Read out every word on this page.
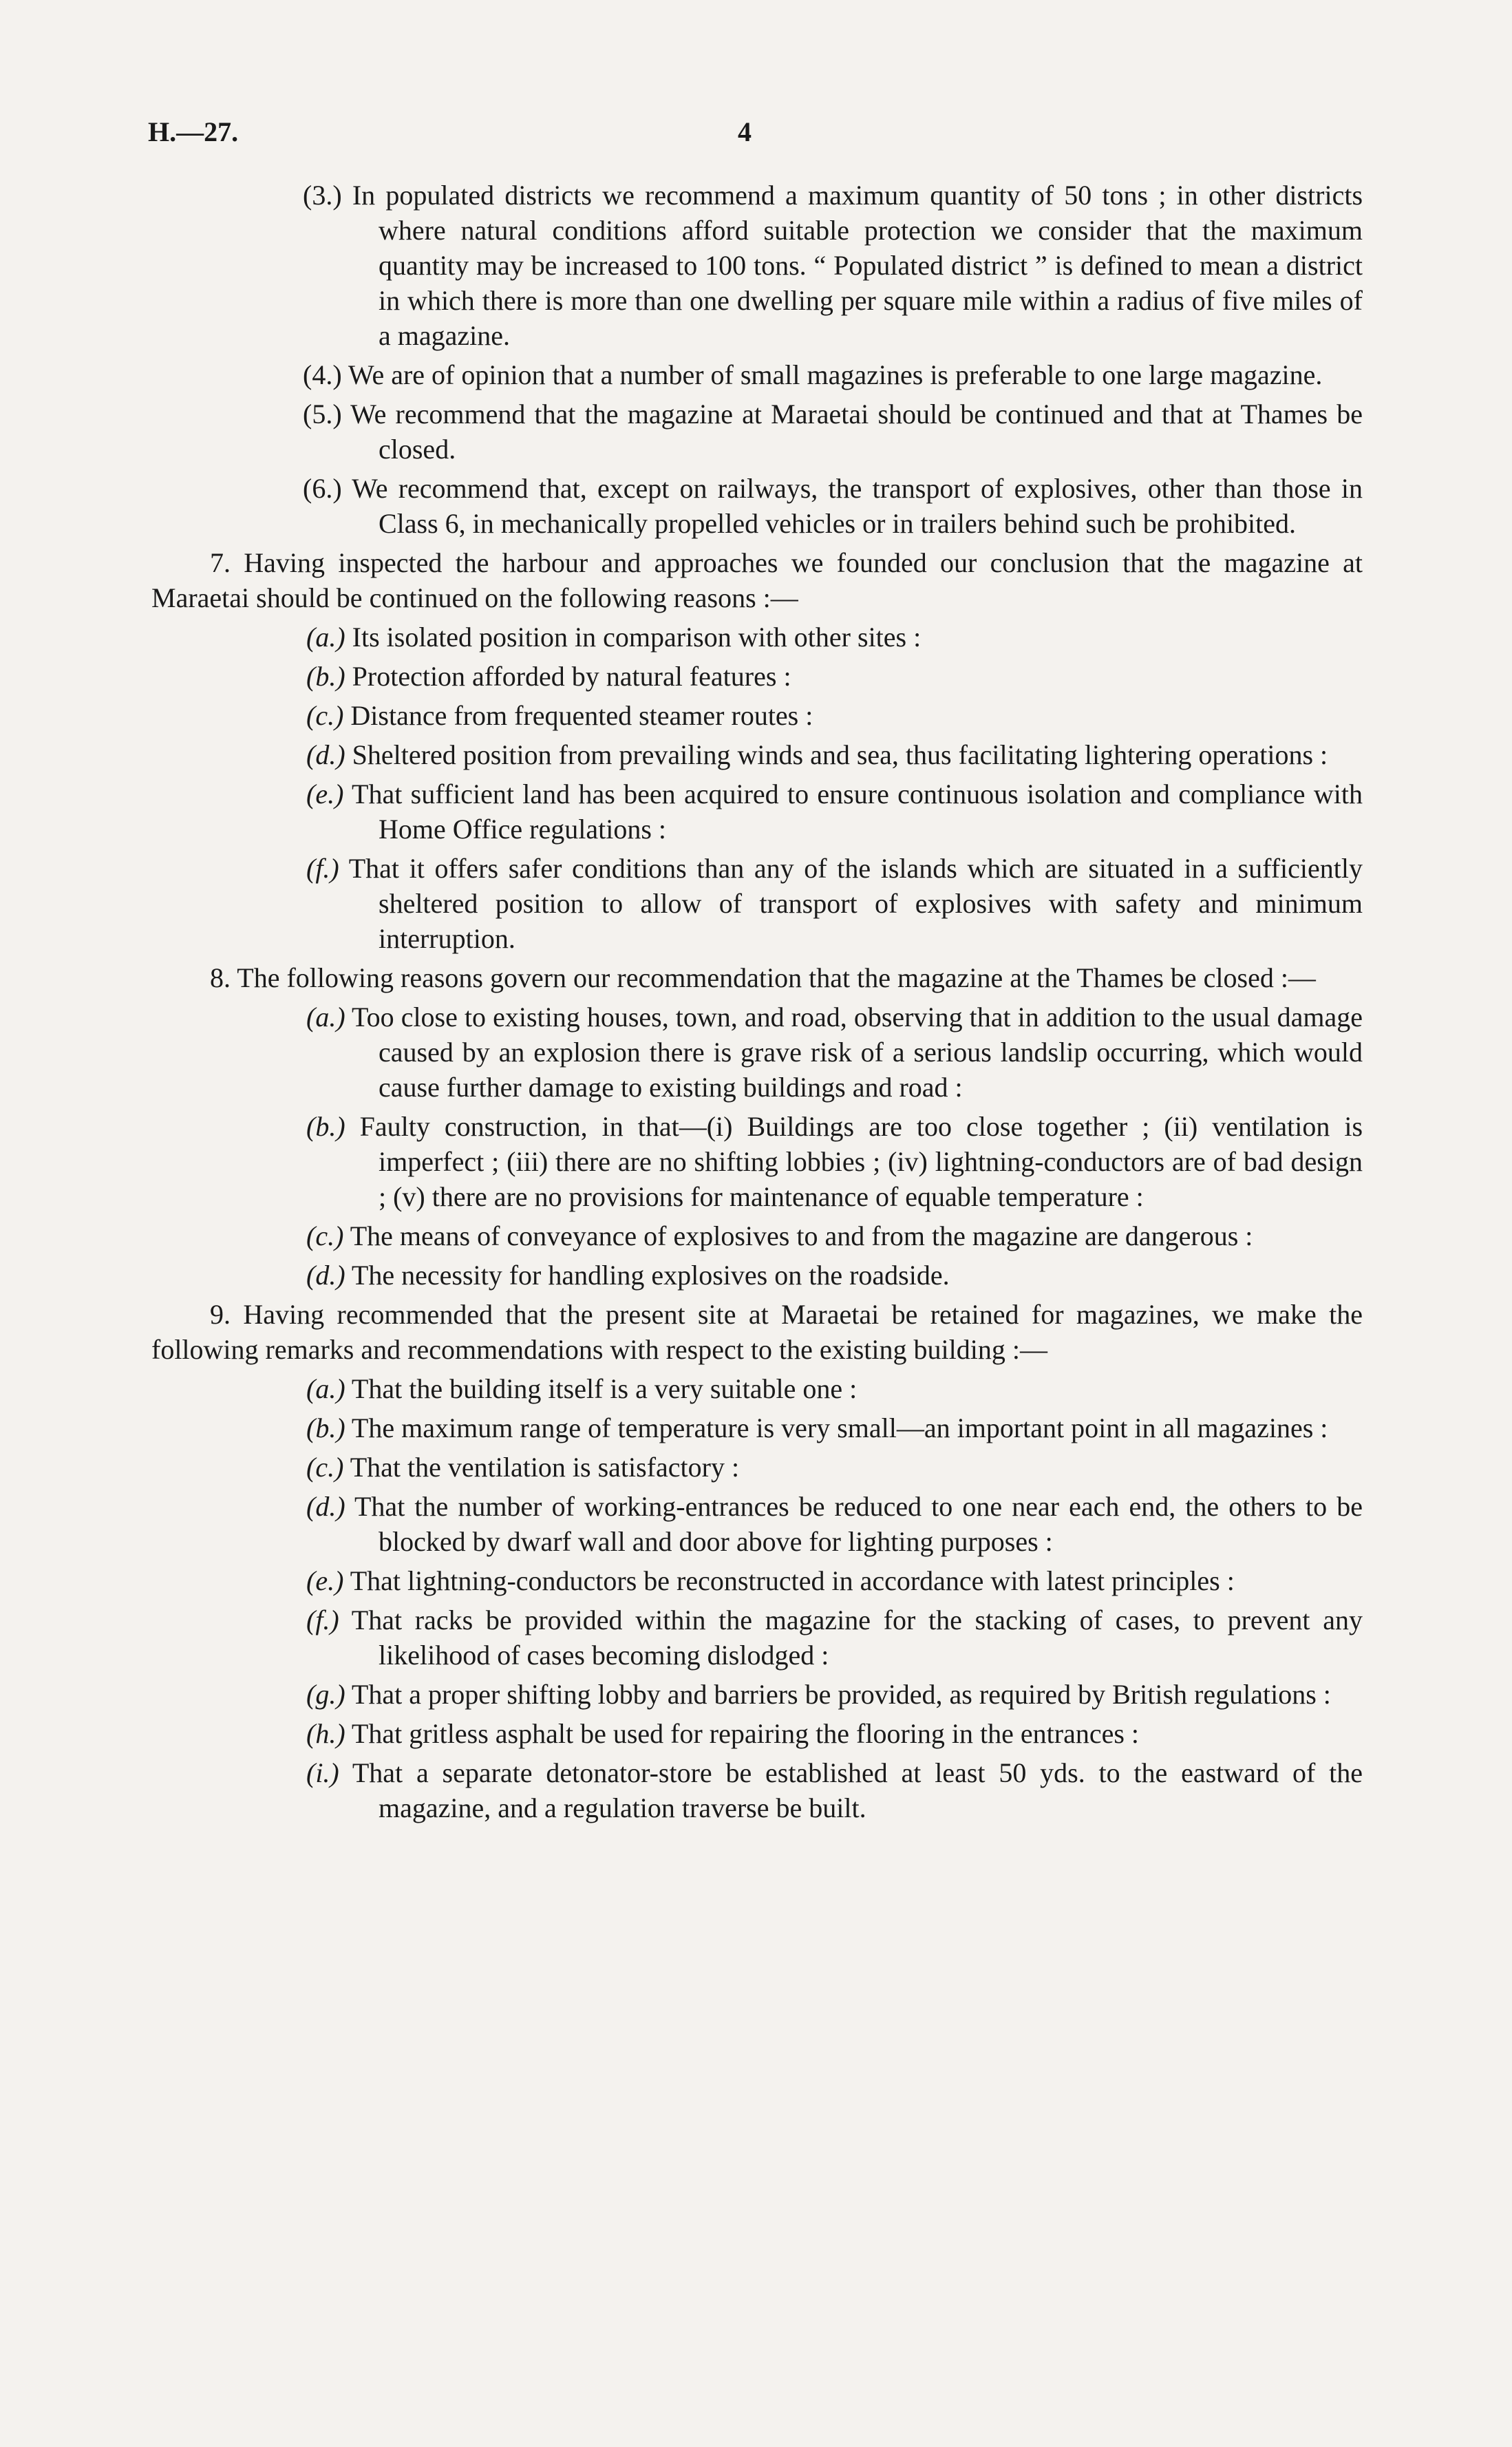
H.—27.	4

(3.) In populated districts we recommend a maximum quantity of 50 tons ; in other districts where natural conditions afford suitable protection we consider that the maximum quantity may be increased to 100 tons. “ Populated district ” is defined to mean a district in which there is more than one dwelling per square mile within a radius of five miles of a magazine.

(4.) We are of opinion that a number of small magazines is preferable to one large magazine.

(5.) We recommend that the magazine at Maraetai should be continued and that at Thames be closed.

(6.) We recommend that, except on railways, the transport of explosives, other than those in Class 6, in mechanically propelled vehicles or in trailers behind such be prohibited.

7. Having inspected the harbour and approaches we founded our conclusion that the magazine at Maraetai should be continued on the following reasons :—

(a.) Its isolated position in comparison with other sites :

(b.) Protection afforded by natural features :

(c.) Distance from frequented steamer routes :

(d.) Sheltered position from prevailing winds and sea, thus facilitating lightering operations :

(e.) That sufficient land has been acquired to ensure continuous isolation and compliance with Home Office regulations :

(f.) That it offers safer conditions than any of the islands which are situated in a sufficiently sheltered position to allow of transport of explosives with safety and minimum interruption.

8. The following reasons govern our recommendation that the magazine at the Thames be closed :—

(a.) Too close to existing houses, town, and road, observing that in addition to the usual damage caused by an explosion there is grave risk of a serious landslip occurring, which would cause further damage to existing buildings and road :

(b.) Faulty construction, in that—(i) Buildings are too close together ; (ii) ventilation is imperfect ; (iii) there are no shifting lobbies ; (iv) lightning-conductors are of bad design ; (v) there are no provisions for maintenance of equable temperature :

(c.) The means of conveyance of explosives to and from the magazine are dangerous :

(d.) The necessity for handling explosives on the roadside.

9. Having recommended that the present site at Maraetai be retained for magazines, we make the following remarks and recommendations with respect to the existing building :—

(a.) That the building itself is a very suitable one :

(b.) The maximum range of temperature is very small—an important point in all magazines :

(c.) That the ventilation is satisfactory :

(d.) That the number of working-entrances be reduced to one near each end, the others to be blocked by dwarf wall and door above for lighting purposes :

(e.) That lightning-conductors be reconstructed in accordance with latest principles :

(f.) That racks be provided within the magazine for the stacking of cases, to prevent any likelihood of cases becoming dislodged :

(g.) That a proper shifting lobby and barriers be provided, as required by British regulations :

(h.) That gritless asphalt be used for repairing the flooring in the entrances :

(i.) That a separate detonator-store be established at least 50 yds. to the eastward of the magazine, and a regulation traverse be built.
